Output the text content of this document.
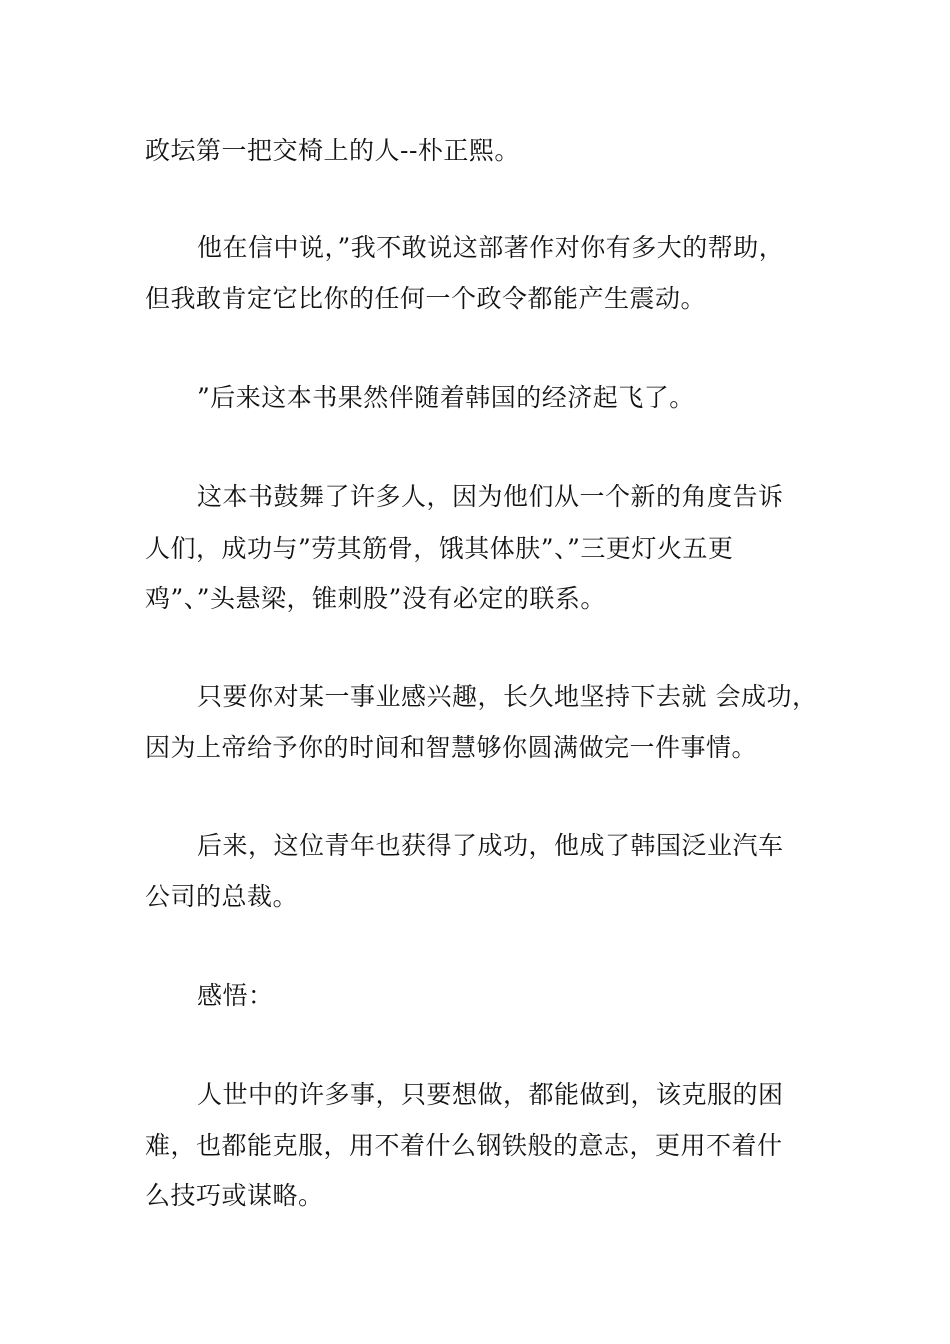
政坛第一把交椅上的人--朴正熙。
他在信中说，”我不敢说这部著作对你有多大的帮助，
但我敢肯定它比你的任何一个政令都能产生震动。
”后来这本书果然伴随着韩国的经济起飞了。
这本书鼓舞了许多人，因为他们从一个新的角度告诉
人们，成功与”劳其筋骨，饿其体肤”、”三更灯火五更
鸡”、”头悬梁，锥刺股”没有必定的联系。
只要你对某一事业感兴趣，长久地坚持下去就 会成功，
因为上帝给予你的时间和智慧够你圆满做完一件事情。
后来，这位青年也获得了成功，他成了韩国泛业汽车
公司的总裁。
感悟：
人世中的许多事，只要想做，都能做到，该克服的困
难，也都能克服，用不着什么钢铁般的意志，更用不着什
么技巧或谋略。
